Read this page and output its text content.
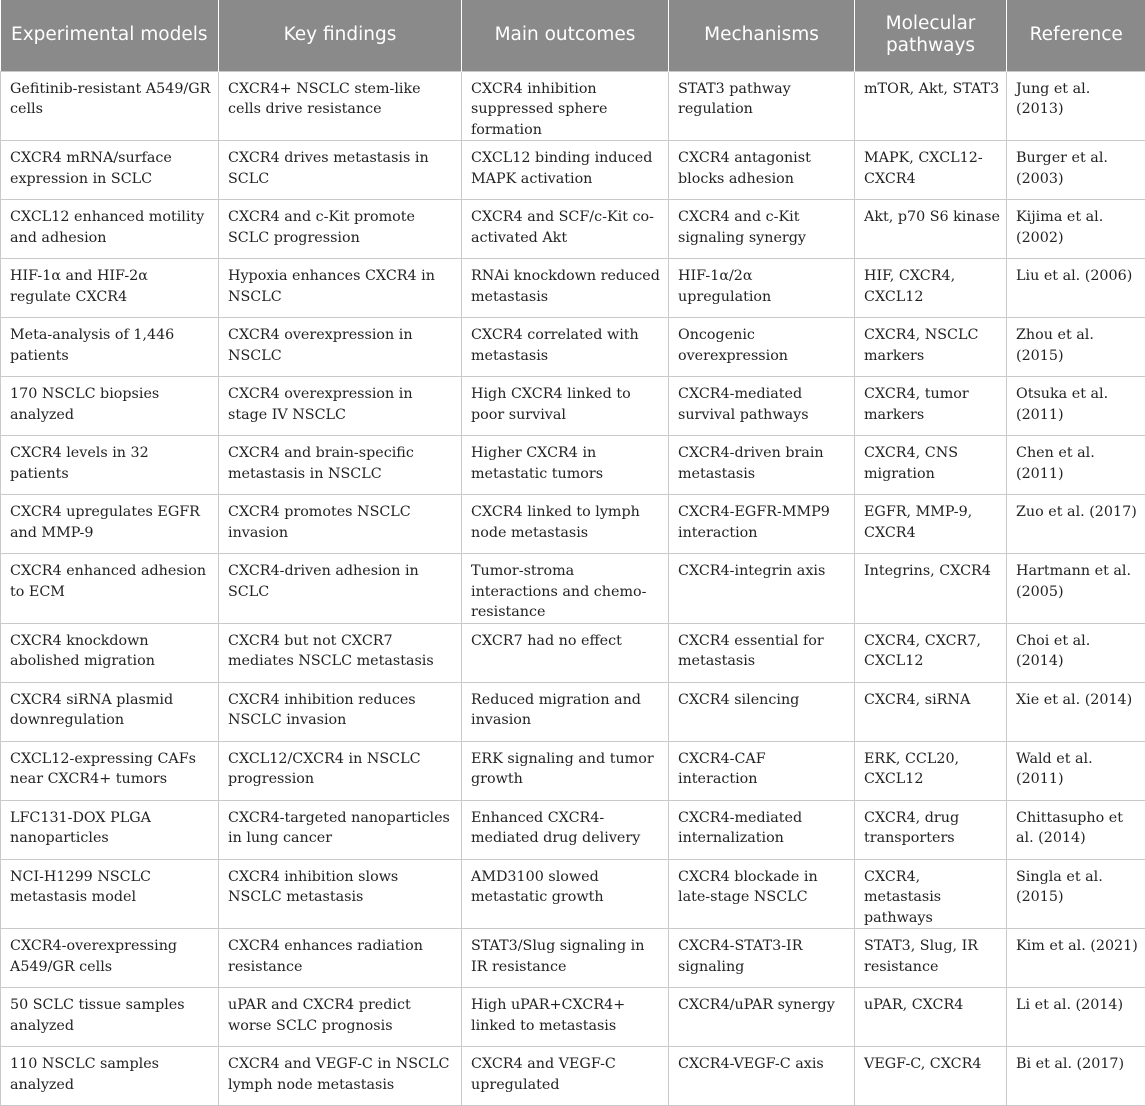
Experimental models	Key findings	Main outcomes	Mechanisms	Molecular pathways	Reference
Gefitinib-resistant A549/GR cells	CXCR4+ NSCLC stem-like cells drive resistance	CXCR4 inhibition suppressed sphere formation	STAT3 pathway regulation	mTOR, Akt, STAT3	Jung et al. (2013)
CXCR4 mRNA/surface expression in SCLC	CXCR4 drives metastasis in SCLC	CXCL12 binding induced MAPK activation	CXCR4 antagonist blocks adhesion	MAPK, CXCL12-CXCR4	Burger et al. (2003)
CXCL12 enhanced motility and adhesion	CXCR4 and c-Kit promote SCLC progression	CXCR4 and SCF/c-Kit co-activated Akt	CXCR4 and c-Kit signaling synergy	Akt, p70 S6 kinase	Kijima et al. (2002)
HIF-1α and HIF-2α regulate CXCR4	Hypoxia enhances CXCR4 in NSCLC	RNAi knockdown reduced metastasis	HIF-1α/2α upregulation	HIF, CXCR4, CXCL12	Liu et al. (2006)
Meta-analysis of 1,446 patients	CXCR4 overexpression in NSCLC	CXCR4 correlated with metastasis	Oncogenic overexpression	CXCR4, NSCLC markers	Zhou et al. (2015)
170 NSCLC biopsies analyzed	CXCR4 overexpression in stage IV NSCLC	High CXCR4 linked to poor survival	CXCR4-mediated survival pathways	CXCR4, tumor markers	Otsuka et al. (2011)
CXCR4 levels in 32 patients	CXCR4 and brain-specific metastasis in NSCLC	Higher CXCR4 in metastatic tumors	CXCR4-driven brain metastasis	CXCR4, CNS migration	Chen et al. (2011)
CXCR4 upregulates EGFR and MMP-9	CXCR4 promotes NSCLC invasion	CXCR4 linked to lymph node metastasis	CXCR4-EGFR-MMP9 interaction	EGFR, MMP-9, CXCR4	Zuo et al. (2017)
CXCR4 enhanced adhesion to ECM	CXCR4-driven adhesion in SCLC	Tumor-stroma interactions and chemo-resistance	CXCR4-integrin axis	Integrins, CXCR4	Hartmann et al. (2005)
CXCR4 knockdown abolished migration	CXCR4 but not CXCR7 mediates NSCLC metastasis	CXCR7 had no effect	CXCR4 essential for metastasis	CXCR4, CXCR7, CXCL12	Choi et al. (2014)
CXCR4 siRNA plasmid downregulation	CXCR4 inhibition reduces NSCLC invasion	Reduced migration and invasion	CXCR4 silencing	CXCR4, siRNA	Xie et al. (2014)
CXCL12-expressing CAFs near CXCR4+ tumors	CXCL12/CXCR4 in NSCLC progression	ERK signaling and tumor growth	CXCR4-CAF interaction	ERK, CCL20, CXCL12	Wald et al. (2011)
LFC131-DOX PLGA nanoparticles	CXCR4-targeted nanoparticles in lung cancer	Enhanced CXCR4-mediated drug delivery	CXCR4-mediated internalization	CXCR4, drug transporters	Chittasupho et al. (2014)
NCI-H1299 NSCLC metastasis model	CXCR4 inhibition slows NSCLC metastasis	AMD3100 slowed metastatic growth	CXCR4 blockade in late-stage NSCLC	CXCR4, metastasis pathways	Singla et al. (2015)
CXCR4-overexpressing A549/GR cells	CXCR4 enhances radiation resistance	STAT3/Slug signaling in IR resistance	CXCR4-STAT3-IR signaling	STAT3, Slug, IR resistance	Kim et al. (2021)
50 SCLC tissue samples analyzed	uPAR and CXCR4 predict worse SCLC prognosis	High uPAR+CXCR4+ linked to metastasis	CXCR4/uPAR synergy	uPAR, CXCR4	Li et al. (2014)
110 NSCLC samples analyzed	CXCR4 and VEGF-C in NSCLC lymph node metastasis	CXCR4 and VEGF-C upregulated	CXCR4-VEGF-C axis	VEGF-C, CXCR4	Bi et al. (2017)
